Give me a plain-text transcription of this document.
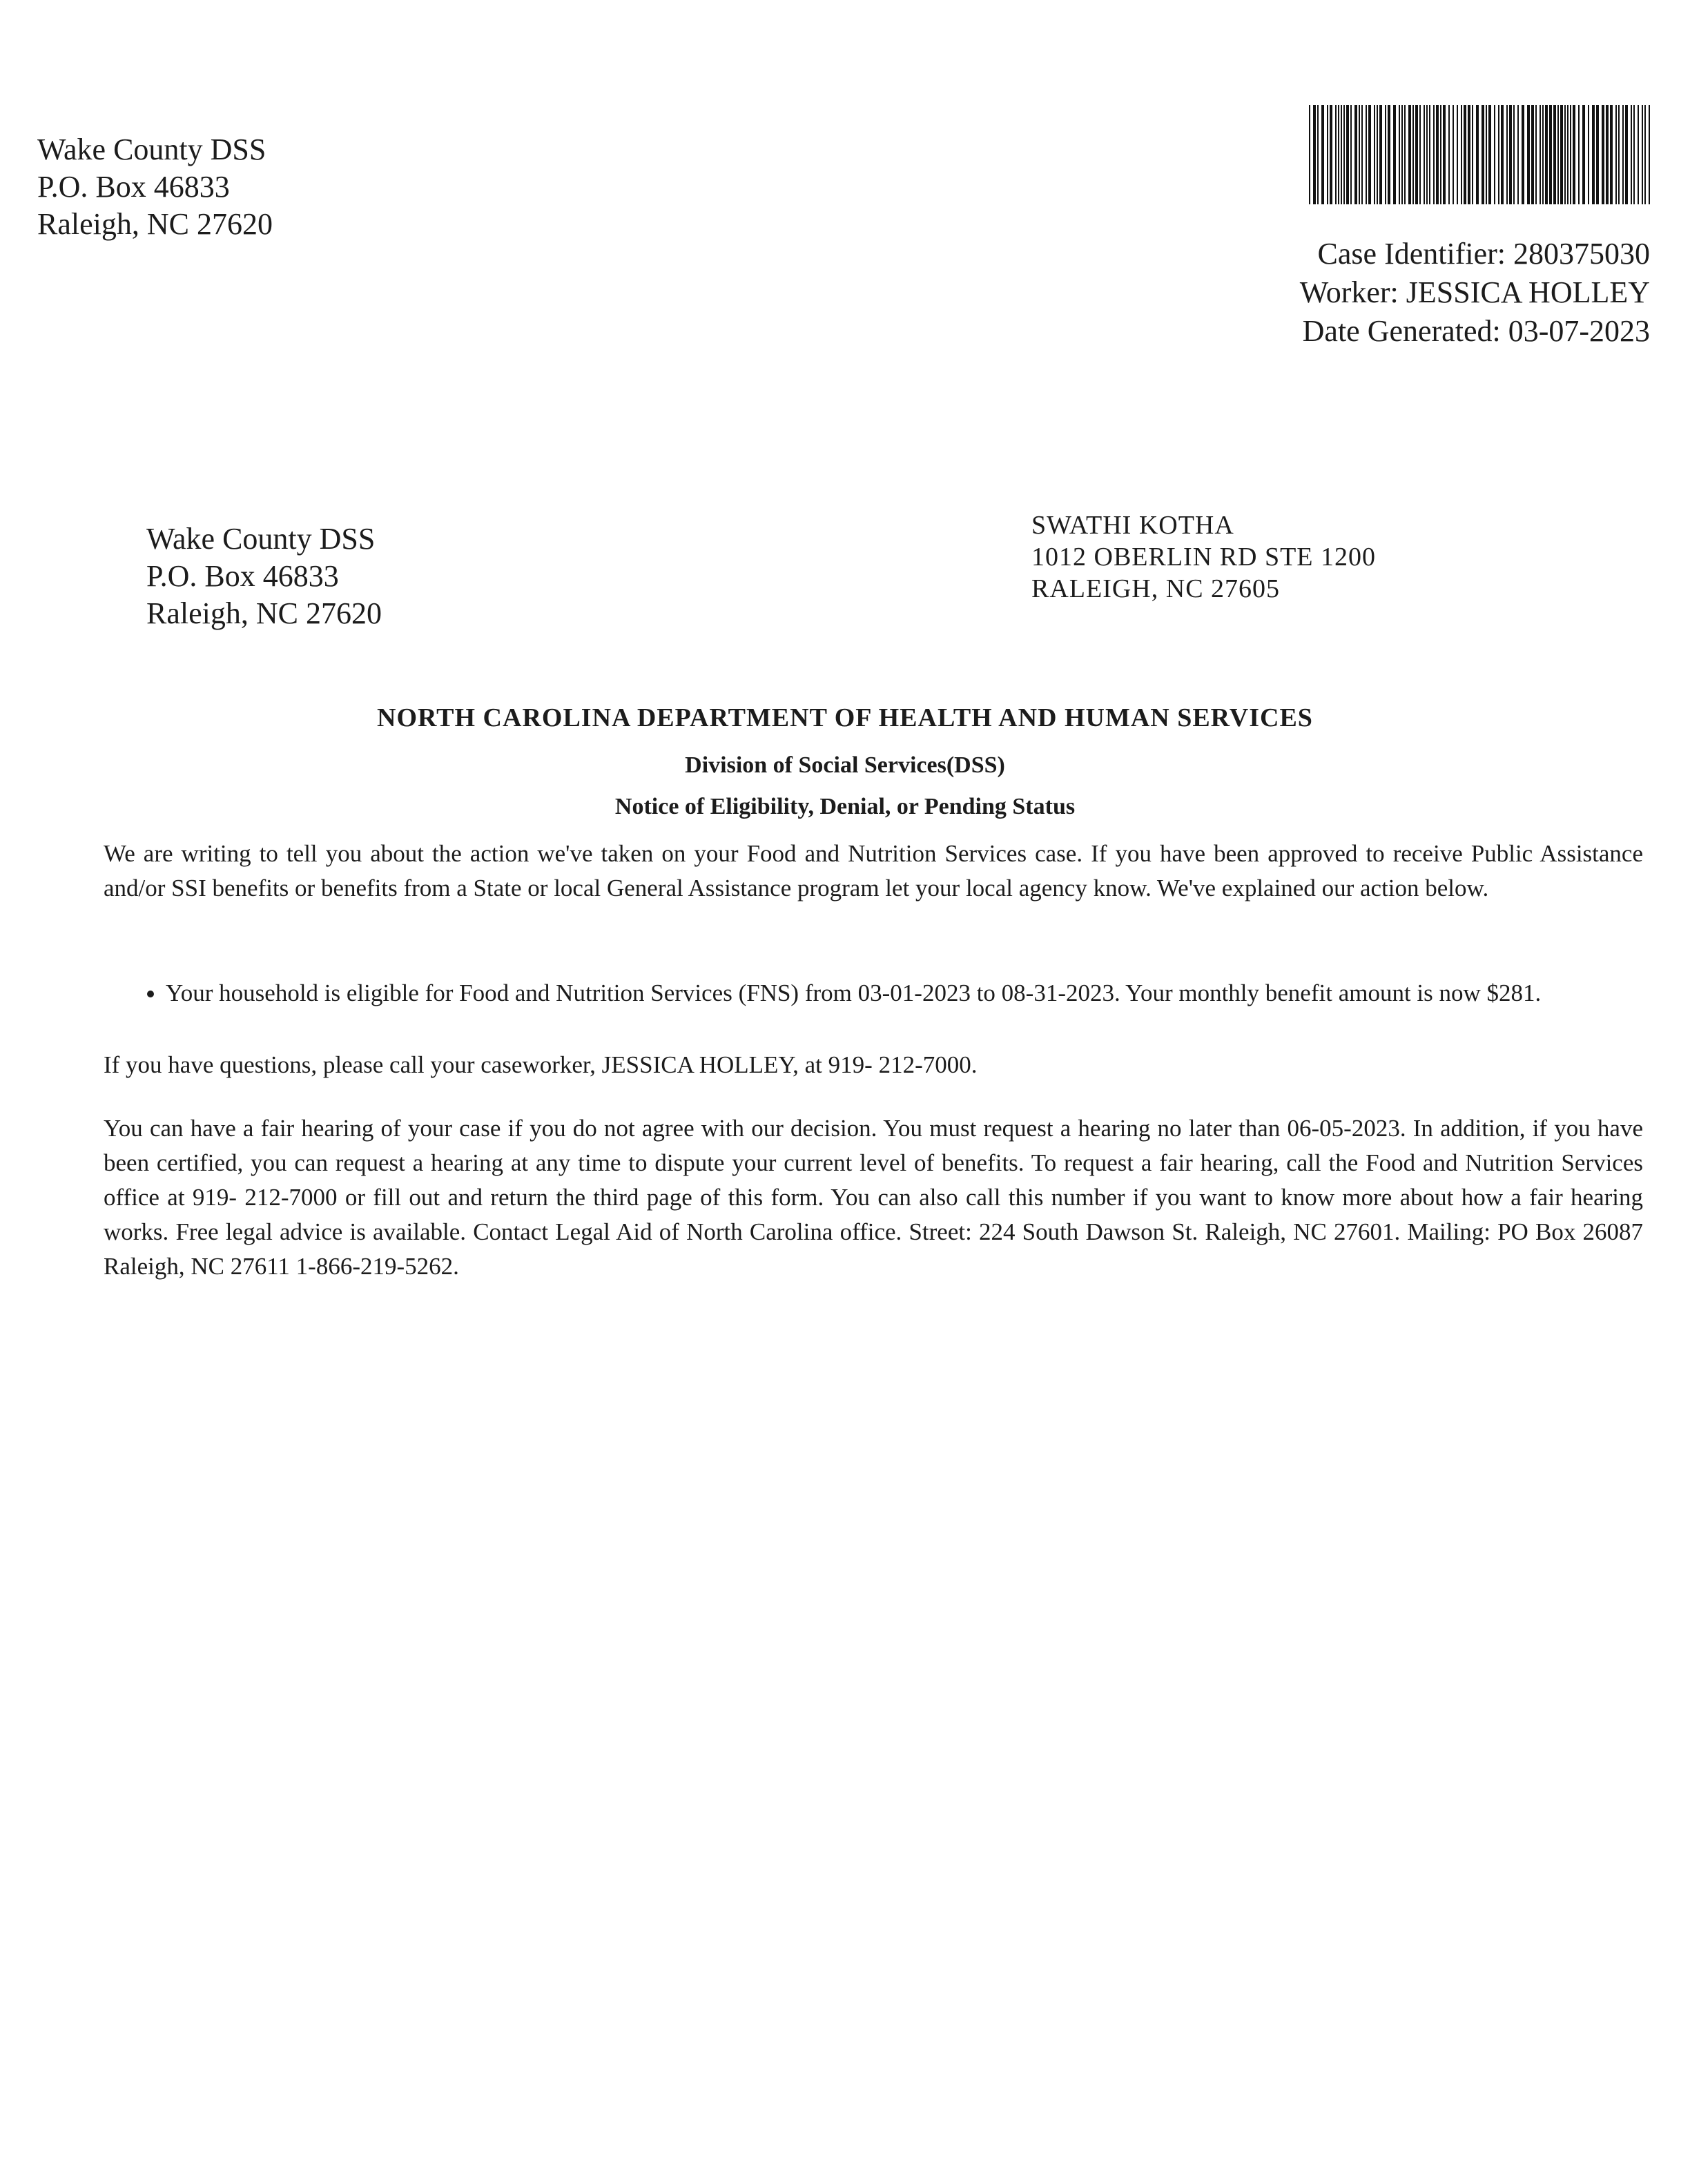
Wake County DSS
P.O. Box 46833
Raleigh, NC 27620
Case Identifier: 280375030
Worker: JESSICA HOLLEY
Date Generated: 03-07-2023
Wake County DSS
P.O. Box 46833
Raleigh, NC 27620
SWATHI KOTHA
1012 OBERLIN RD STE 1200
RALEIGH, NC 27605
NORTH CAROLINA DEPARTMENT OF HEALTH AND HUMAN SERVICES
Division of Social Services(DSS)
Notice of Eligibility, Denial, or Pending Status
We are writing to tell you about the action we've taken on your Food and Nutrition Services case. If you have been approved to receive Public Assistance and/or SSI benefits or benefits from a State or local General Assistance program let your local agency know. We've explained our action below.
• Your household is eligible for Food and Nutrition Services (FNS) from 03-01-2023 to 08-31-2023. Your monthly benefit amount is now $281.
If you have questions, please call your caseworker, JESSICA HOLLEY, at 919- 212-7000.
You can have a fair hearing of your case if you do not agree with our decision. You must request a hearing no later than 06-05-2023. In addition, if you have been certified, you can request a hearing at any time to dispute your current level of benefits. To request a fair hearing, call the Food and Nutrition Services office at 919- 212-7000 or fill out and return the third page of this form. You can also call this number if you want to know more about how a fair hearing works. Free legal advice is available. Contact Legal Aid of North Carolina office. Street: 224 South Dawson St. Raleigh, NC 27601. Mailing: PO Box 26087 Raleigh, NC 27611 1-866-219-5262.
